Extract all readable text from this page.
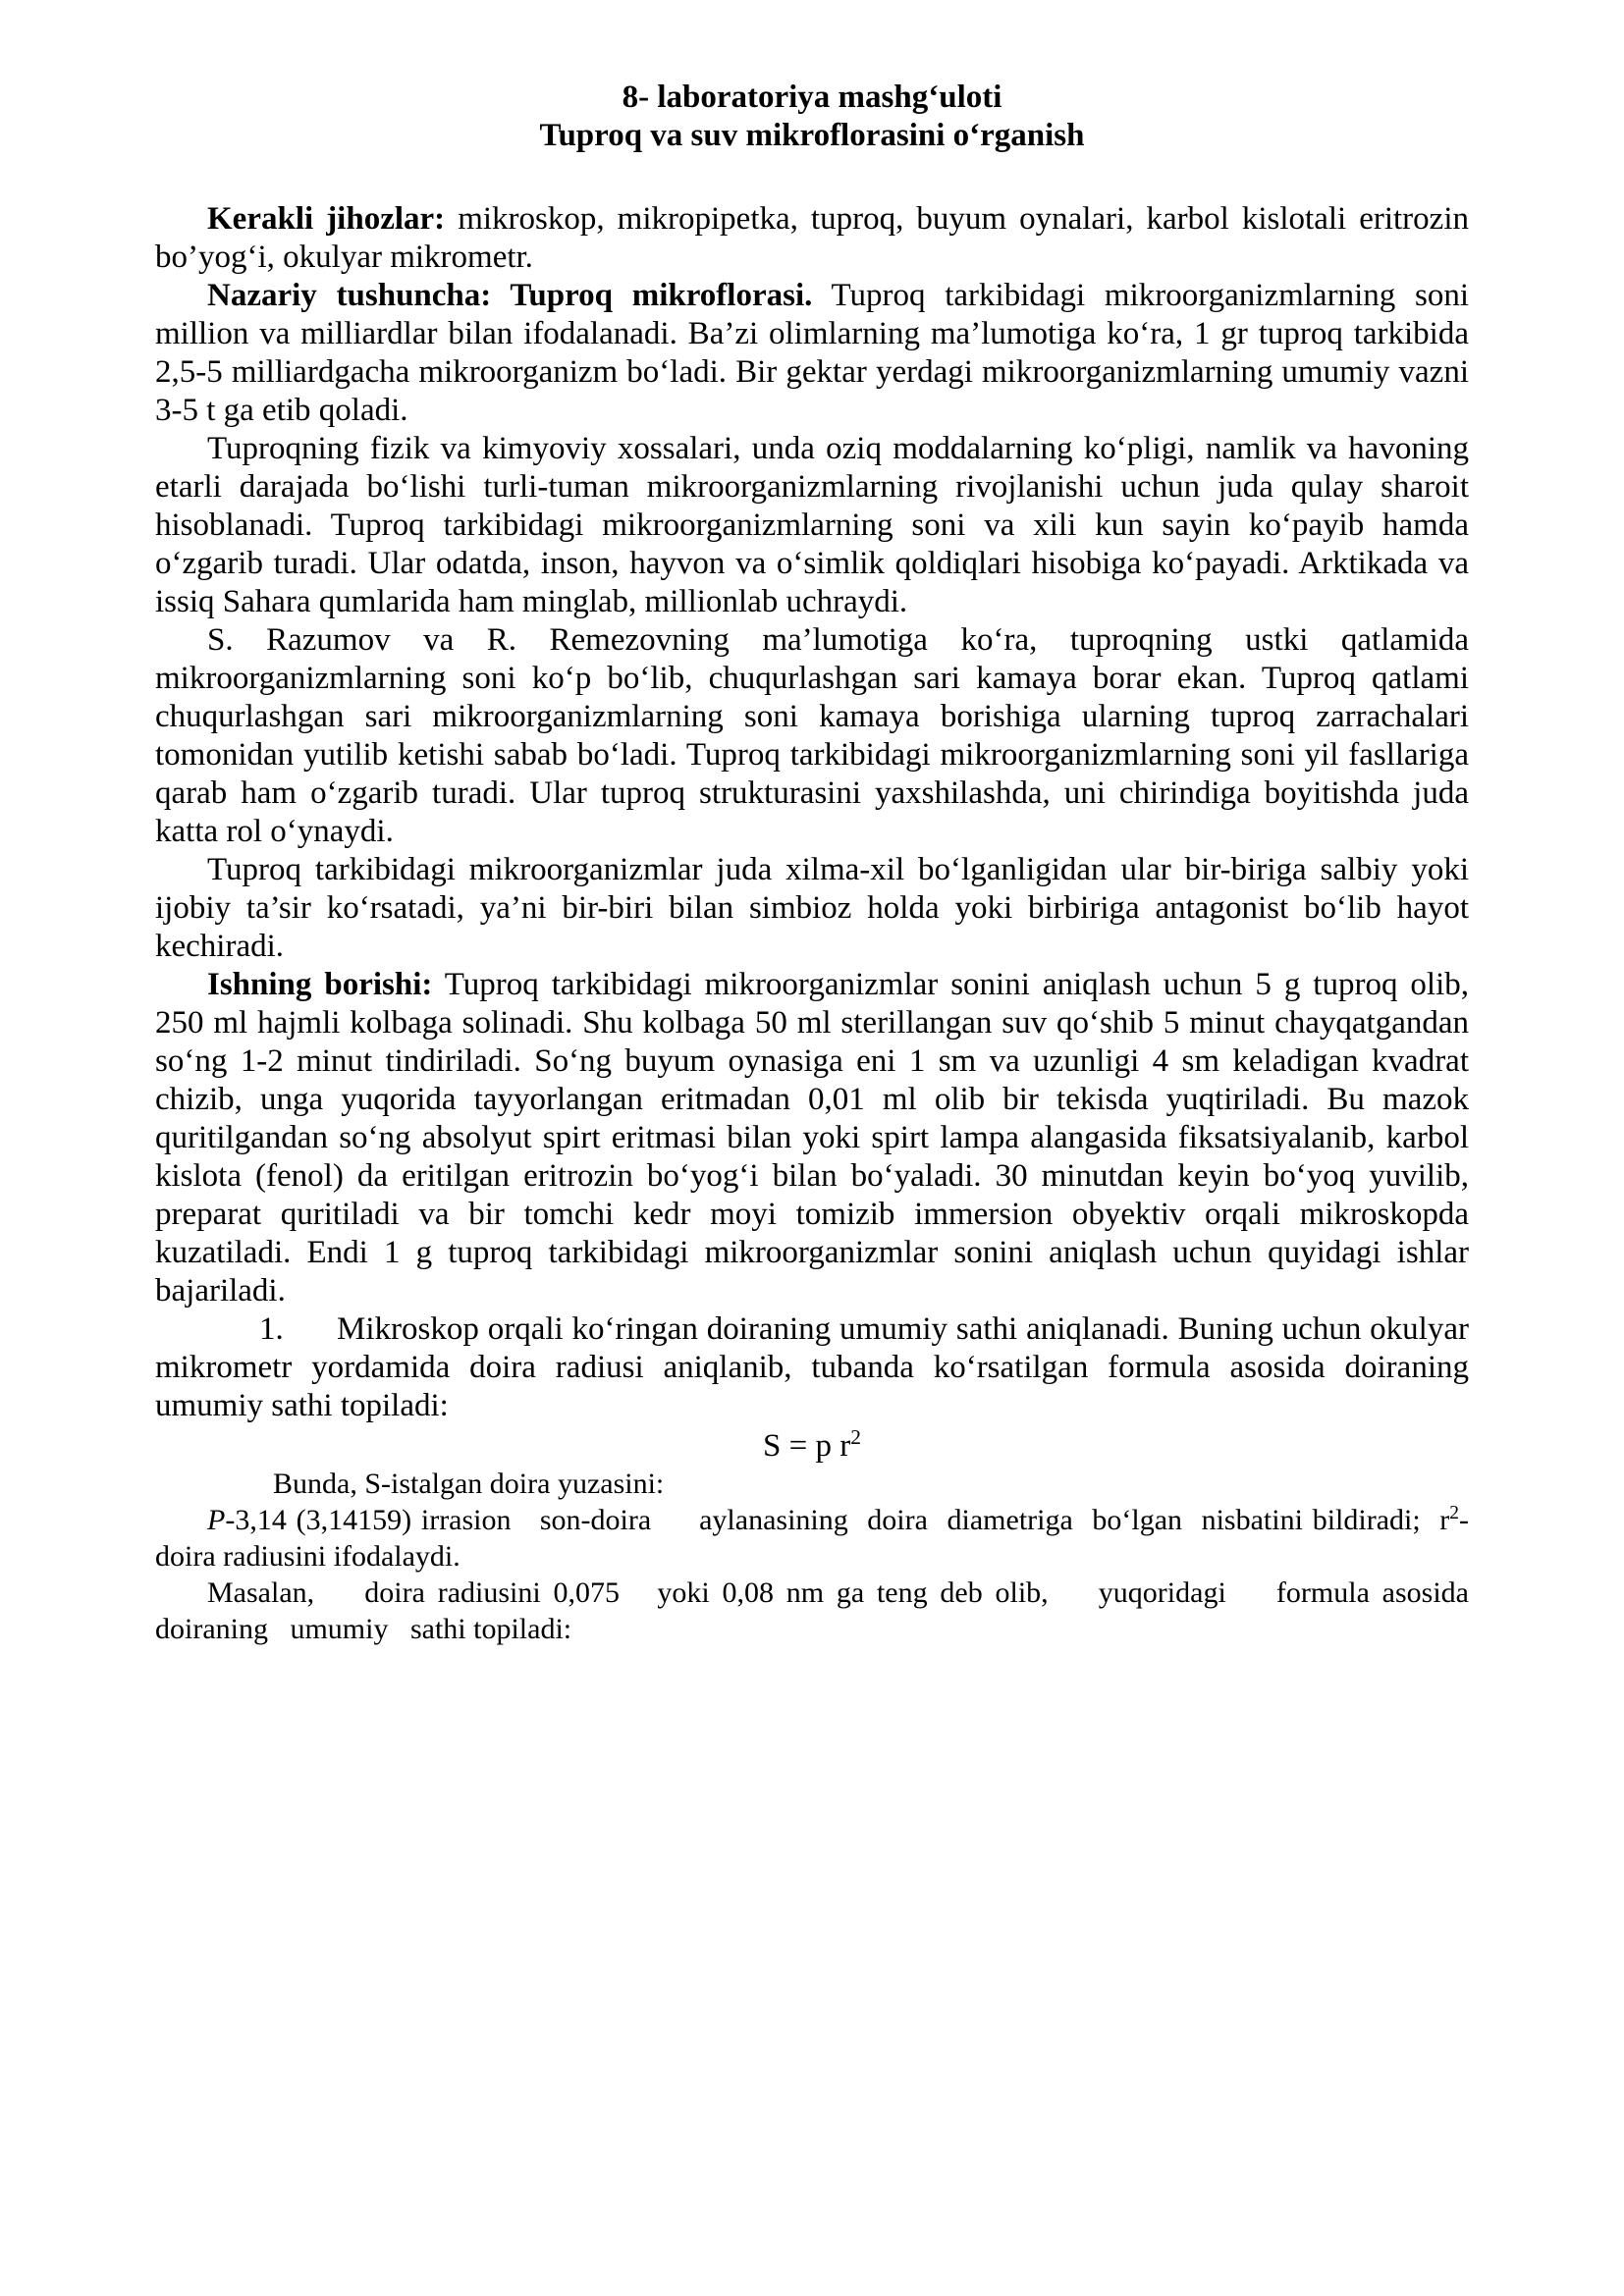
8- laboratoriya mashg‘uloti
Tuproq va suv mikroflorasini o‘rganish

Kerakli jihozlar: mikroskop, mikropipetka, tuproq, buyum oynalari, karbol kislotali eritrozin bo’yog‘i, okulyar mikrometr.

Nazariy tushuncha: Tuproq mikroflorasi. Tuproq tarkibidagi mikroorganizmlarning soni million va milliardlar bilan ifodalanadi. Ba’zi olimlarning ma’lumotiga ko‘ra, 1 gr tuproq tarkibida 2,5-5 milliardgacha mikroorganizm bo‘ladi. Bir gektar yerdagi mikroorganizmlarning umumiy vazni 3-5 t ga etib qoladi.

Tuproqning fizik va kimyoviy xossalari, unda oziq moddalarning ko‘pligi, namlik va havoning etarli darajada bo‘lishi turli-tuman mikroorganizmlarning rivojlanishi uchun juda qulay sharoit hisoblanadi. Tuproq tarkibidagi mikroorganizmlarning soni va xili kun sayin ko‘payib hamda o‘zgarib turadi. Ular odatda, inson, hayvon va o‘simlik qoldiqlari hisobiga ko‘payadi. Arktikada va issiq Sahara qumlarida ham minglab, millionlab uchraydi.

S. Razumov va R. Remezovning ma’lumotiga ko‘ra, tuproqning ustki qatlamida mikroorganizmlarning soni ko‘p bo‘lib, chuqurlashgan sari kamaya borar ekan. Tuproq qatlami chuqurlashgan sari mikroorganizmlarning soni kamaya borishiga ularning tuproq zarrachalari tomonidan yutilib ketishi sabab bo‘ladi. Tuproq tarkibidagi mikroorganizmlarning soni yil fasllariga qarab ham o‘zgarib turadi. Ular tuproq strukturasini yaxshilashda, uni chirindiga boyitishda juda katta rol o‘ynaydi.

Tuproq tarkibidagi mikroorganizmlar juda xilma-xil bo‘lganligidan ular bir-biriga salbiy yoki ijobiy ta’sir ko‘rsatadi, ya’ni bir-biri bilan simbioz holda yoki birbiriga antagonist bo‘lib hayot kechiradi.

Ishning borishi: Tuproq tarkibidagi mikroorganizmlar sonini aniqlash uchun 5 g tuproq olib, 250 ml hajmli kolbaga solinadi. Shu kolbaga 50 ml sterillangan suv qo‘shib 5 minut chayqatgandan so‘ng 1-2 minut tindiriladi. So‘ng buyum oynasiga eni 1 sm va uzunligi 4 sm keladigan kvadrat chizib, unga yuqorida tayyorlangan eritmadan 0,01 ml olib bir tekisda yuqtiriladi. Bu mazok quritilgandan so‘ng absolyut spirt eritmasi bilan yoki spirt lampa alangasida fiksatsiyalanib, karbol kislota (fenol) da eritilgan eritrozin bo‘yog‘i bilan bo‘yaladi. 30 minutdan keyin bo‘yoq yuvilib, preparat quritiladi va bir tomchi kedr moyi tomizib immersion obyektiv orqali mikroskopda kuzatiladi. Endi 1 g tuproq tarkibidagi mikroorganizmlar sonini aniqlash uchun quyidagi ishlar bajariladi.

1. Mikroskop orqali ko‘ringan doiraning umumiy sathi aniqlanadi. Buning uchun okulyar mikrometr yordamida doira radiusi aniqlanib, tubanda ko‘rsatilgan formula asosida doiraning umumiy sathi topiladi:

S = p $r^2$

Bunda, S-istalgan doira yuzasini:

P-3,14 (3,14159) irrasion   son-doira     aylanasining  doira  diametriga  bo‘lgan  nisbatini bildiradi;  $r^2$-doira radiusini ifodalaydi.

Masalan,    doira radiusini 0,075   yoki 0,08 nm ga teng deb olib,    yuqoridagi    formula asosida  doiraning   umumiy   sathi topiladi:
